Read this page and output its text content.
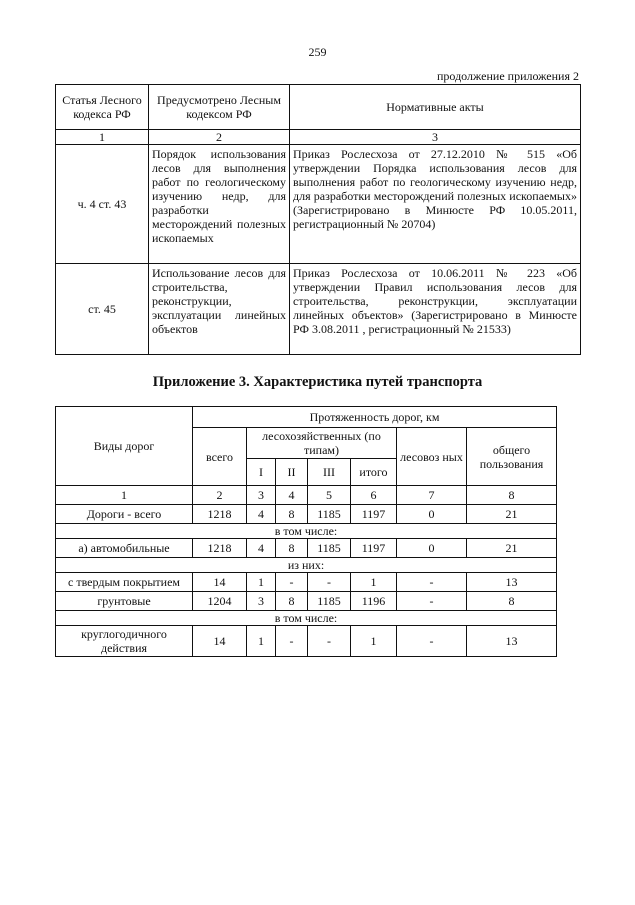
259
продолжение приложения 2
Статья Лесного кодекса РФ	Предусмотрено Лесным кодексом РФ	Нормативные акты
1	2	3
ч. 4 ст. 43	Порядок использования лесов для выполнения работ по геологическому изучению недр, для разработки месторождений полезных ископаемых	Приказ Рослесхоза от 27.12.2010 № 515 «Об утверждении Порядка использования лесов для выполнения работ по геологическому изучению недр, для разработки месторождений полезных ископаемых» (Зарегистрировано в Минюсте РФ 10.05.2011, регистрационный № 20704)
ст. 45	Использование лесов для строительства, реконструкции, эксплуатации линейных объектов	Приказ Рослесхоза от 10.06.2011 № 223 «Об утверждении Правил использования лесов для строительства, реконструкции, эксплуатации линейных объектов» (Зарегистрировано в Минюсте РФ 3.08.2011 , регистрационный № 21533)
Приложение 3. Характеристика путей транспорта
Виды дорог	Протяженность дорог, км						
	всего	лесохозяйственных (по типам)				лесовоз ных	общего пользования
		I	II	III	итого		
1	2	3	4	5	6	7	8
Дороги - всего	1218	4	8	1185	1197	0	21
в том числе:							
а) автомобильные	1218	4	8	1185	1197	0	21
из них:							
с твердым покрытием	14	1	-	-	1	-	13
грунтовые	1204	3	8	1185	1196	-	8
в том числе:							
круглогодичного действия	14	1	-	-	1	-	13
